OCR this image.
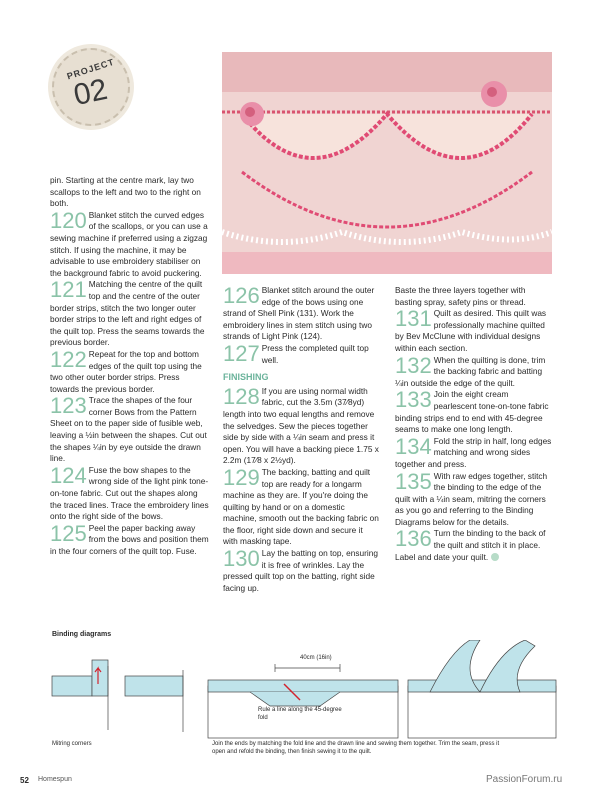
PROJECT
02

pin. Starting at the centre mark, lay two scallops to the left and two to the right on both.

120 Blanket stitch the curved edges of the scallops, or you can use a sewing machine if preferred using a zigzag stitch. If using the machine, it may be advisable to use embroidery stabiliser on the background fabric to avoid puckering.
121 Matching the centre of the quilt top and the centre of the outer border strips, stitch the two longer outer border strips to the left and right edges of the quilt top. Press the seams towards the previous border.
122 Repeat for the top and bottom edges of the quilt top using the two other outer border strips. Press towards the previous border.
123 Trace the shapes of the four corner Bows from the Pattern Sheet on to the paper side of fusible web, leaving a ½in between the shapes. Cut out the shapes ¼in by eye outside the drawn line.
124 Fuse the bow shapes to the wrong side of the light pink tone-on-tone fabric. Cut out the shapes along the traced lines. Trace the embroidery lines onto the right side of the bows.
125 Peel the paper backing away from the bows and position them in the four corners of the quilt top. Fuse.
126 Blanket stitch around the outer edge of the bows using one strand of Shell Pink (131). Work the embroidery lines in stem stitch using two strands of Light Pink (124).
127 Press the completed quilt top well.
FINISHING
128 If you are using normal width fabric, cut the 3.5m (37⁄8yd) length into two equal lengths and remove the selvedges. Sew the pieces together side by side with a ¼in seam and press it open. You will have a backing piece 1.75 x 2.2m (17⁄8 x 2½yd).
129 The backing, batting and quilt top are ready for a longarm machine as they are. If you're doing the quilting by hand or on a domestic machine, smooth out the backing fabric on the floor, right side down and secure it with masking tape.
130 Lay the batting on top, ensuring it is free of wrinkles. Lay the pressed quilt top on the batting, right side facing up.

Baste the three layers together with basting spray, safety pins or thread.

131 Quilt as desired. This quilt was professionally machine quilted by Bev McClune with individual designs within each section.
132 When the quilting is done, trim the backing fabric and batting ¼in outside the edge of the quilt.
133 Join the eight cream pearlescent tone-on-tone fabric binding strips end to end with 45-degree seams to make one long length.
134 Fold the strip in half, long edges matching and wrong sides together and press.
135 With raw edges together, stitch the binding to the edge of the quilt with a ¼in seam, mitring the corners as you go and referring to the Binding Diagrams below for the details.
136 Turn the binding to the back of the quilt and stitch it in place. Label and date your quilt.
Binding diagrams
40cm (16in)
Rule a line along the 45-degree fold
Mitring corners	Join the ends by matching the fold line and the drawn line and sewing them together. Trim the seam, press it open and refold the binding, then finish sewing it to the quilt.
52 Homespun	PassionForum.ru
